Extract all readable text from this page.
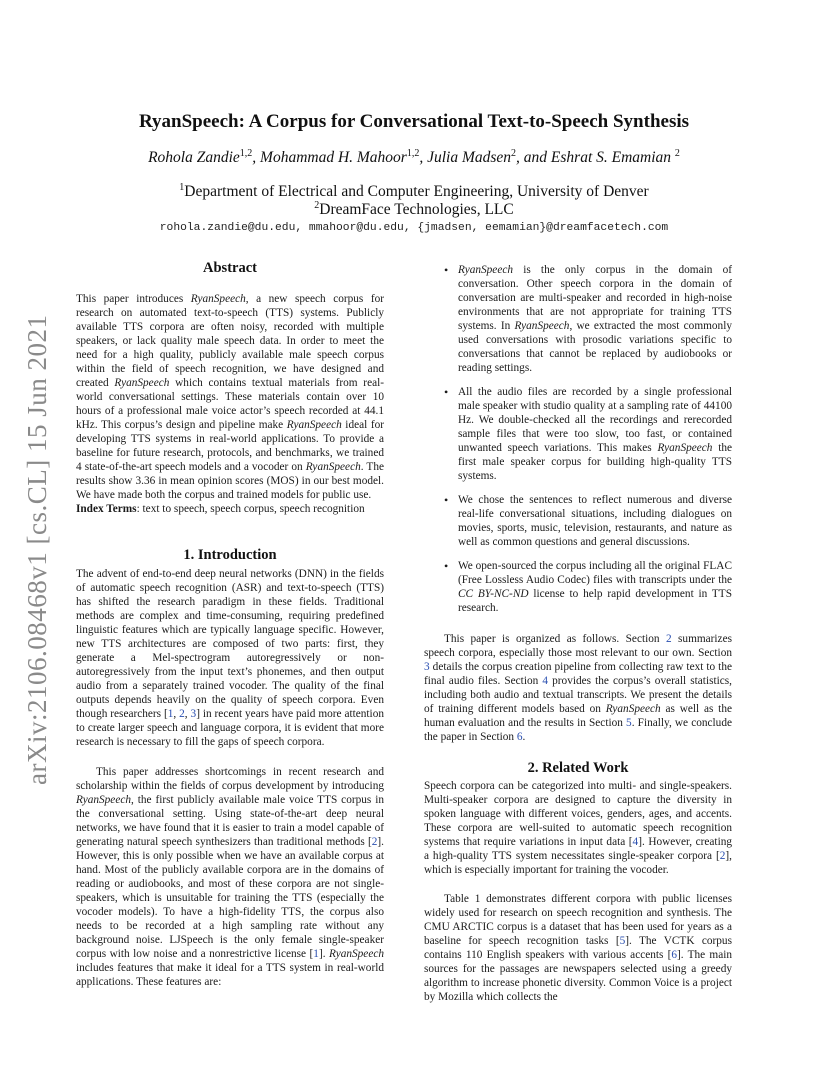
arXiv:2106.08468v1 [cs.CL] 15 Jun 2021
RyanSpeech: A Corpus for Conversational Text-to-Speech Synthesis
Rohola Zandie$^{1,2}$, Mohammad H. Mahoor$^{1,2}$, Julia Madsen$^2$, and Eshrat S. Emamian $^2$
$^1$Department of Electrical and Computer Engineering, University of Denver
$^2$DreamFace Technologies, LLC
rohola.zandie@du.edu, mmahoor@du.edu, {jmadsen, eemamian}@dreamfacetech.com
Abstract
This paper introduces RyanSpeech, a new speech corpus for research on automated text-to-speech (TTS) systems. Publicly available TTS corpora are often noisy, recorded with multiple speakers, or lack quality male speech data. In order to meet the need for a high quality, publicly available male speech corpus within the field of speech recognition, we have designed and created RyanSpeech which contains textual materials from real-world conversational settings. These materials contain over 10 hours of a professional male voice actor’s speech recorded at 44.1 kHz. This corpus’s design and pipeline make RyanSpeech ideal for developing TTS systems in real-world applications. To provide a baseline for future research, protocols, and benchmarks, we trained 4 state-of-the-art speech models and a vocoder on RyanSpeech. The results show 3.36 in mean opinion scores (MOS) in our best model. We have made both the corpus and trained models for public use.
Index Terms: text to speech, speech corpus, speech recognition
1. Introduction
The advent of end-to-end deep neural networks (DNN) in the fields of automatic speech recognition (ASR) and text-to-speech (TTS) has shifted the research paradigm in these fields. Traditional methods are complex and time-consuming, requiring predefined linguistic features which are typically language specific. However, new TTS architectures are composed of two parts: first, they generate a Mel-spectrogram autoregressively or non-autoregressively from the input text’s phonemes, and then output audio from a separately trained vocoder. The quality of the final outputs depends heavily on the quality of speech corpora. Even though researchers [1, 2, 3] in recent years have paid more attention to create larger speech and language corpora, it is evident that more research is necessary to fill the gaps of speech corpora.
This paper addresses shortcomings in recent research and scholarship within the fields of corpus development by introducing RyanSpeech, the first publicly available male voice TTS corpus in the conversational setting. Using state-of-the-art deep neural networks, we have found that it is easier to train a model capable of generating natural speech synthesizers than traditional methods [2]. However, this is only possible when we have an available corpus at hand. Most of the publicly available corpora are in the domains of reading or audiobooks, and most of these corpora are not single-speakers, which is unsuitable for training the TTS (especially the vocoder models). To have a high-fidelity TTS, the corpus also needs to be recorded at a high sampling rate without any background noise. LJSpeech is the only female single-speaker corpus with low noise and a nonrestrictive license [1]. RyanSpeech includes features that make it ideal for a TTS system in real-world applications. These features are:
• RyanSpeech is the only corpus in the domain of conversation. Other speech corpora in the domain of conversation are multi-speaker and recorded in high-noise environments that are not appropriate for training TTS systems. In RyanSpeech, we extracted the most commonly used conversations with prosodic variations specific to conversations that cannot be replaced by audiobooks or reading settings.
• All the audio files are recorded by a single professional male speaker with studio quality at a sampling rate of 44100 Hz. We double-checked all the recordings and rerecorded sample files that were too slow, too fast, or contained unwanted speech variations. This makes RyanSpeech the first male speaker corpus for building high-quality TTS systems.
• We chose the sentences to reflect numerous and diverse real-life conversational situations, including dialogues on movies, sports, music, television, restaurants, and nature as well as common questions and general discussions.
• We open-sourced the corpus including all the original FLAC (Free Lossless Audio Codec) files with transcripts under the CC BY-NC-ND license to help rapid development in TTS research.
This paper is organized as follows. Section 2 summarizes speech corpora, especially those most relevant to our own. Section 3 details the corpus creation pipeline from collecting raw text to the final audio files. Section 4 provides the corpus’s overall statistics, including both audio and textual transcripts. We present the details of training different models based on RyanSpeech as well as the human evaluation and the results in Section 5. Finally, we conclude the paper in Section 6.
2. Related Work
Speech corpora can be categorized into multi- and single-speakers. Multi-speaker corpora are designed to capture the diversity in spoken language with different voices, genders, ages, and accents. These corpora are well-suited to automatic speech recognition systems that require variations in input data [4]. However, creating a high-quality TTS system necessitates single-speaker corpora [2], which is especially important for training the vocoder.
Table 1 demonstrates different corpora with public licenses widely used for research on speech recognition and synthesis. The CMU ARCTIC corpus is a dataset that has been used for years as a baseline for speech recognition tasks [5]. The VCTK corpus contains 110 English speakers with various accents [6]. The main sources for the passages are newspapers selected using a greedy algorithm to increase phonetic diversity. Common Voice is a project by Mozilla which collects the
